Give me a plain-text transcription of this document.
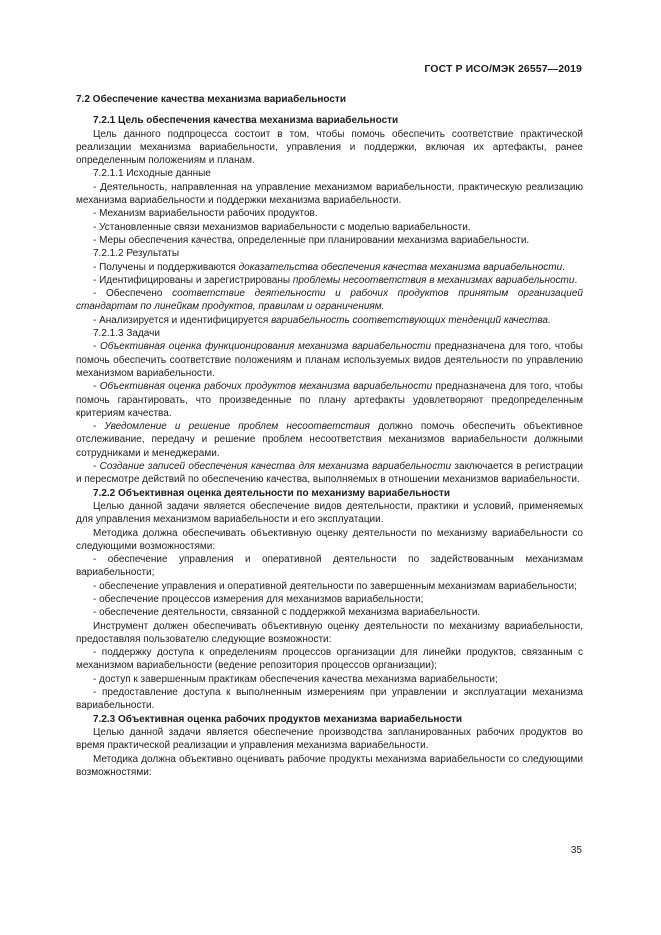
ГОСТ Р ИСО/МЭК 26557—2019

7.2 Обеспечение качества механизма вариабельности

7.2.1 Цель обеспечения качества механизма вариабельности

Цель данного подпроцесса состоит в том, чтобы помочь обеспечить соответствие практической реализации механизма вариабельности, управления и поддержки, включая их артефакты, ранее определенным положениям и планам.

7.2.1.1 Исходные данные

- Деятельность, направленная на управление механизмом вариабельности, практическую реализацию механизма вариабельности и поддержки механизма вариабельности.

- Механизм вариабельности рабочих продуктов.

- Установленные связи механизмов вариабельности с моделью вариабельности.

- Меры обеспечения качества, определенные при планировании механизма вариабельности.

7.2.1.2 Результаты

- Получены и поддерживаются доказательства обеспечения качества механизма вариабельности.

- Идентифицированы и зарегистрированы проблемы несоответствия в механизмах вариабельности.

- Обеспечено соответствие деятельности и рабочих продуктов принятым организацией стандартам по линейкам продуктов, правилам и ограничениям.

- Анализируется и идентифицируется вариабельность соответствующих тенденций качества.

7.2.1.3 Задачи

- Объективная оценка функционирования механизма вариабельности предназначена для того, чтобы помочь обеспечить соответствие положениям и планам используемых видов деятельности по управлению механизмом вариабельности.

- Объективная оценка рабочих продуктов механизма вариабельности предназначена для того, чтобы помочь гарантировать, что произведенные по плану артефакты удовлетворяют предопределенным критериям качества.

- Уведомление и решение проблем несоответствия должно помочь обеспечить объективное отслеживание, передачу и решение проблем несоответствия механизмов вариабельности должными сотрудниками и менеджерами.

- Создание записей обеспечения качества для механизма вариабельности заключается в регистрации и пересмотре действий по обеспечению качества, выполняемых в отношении механизмов вариабельности.

7.2.2 Объективная оценка деятельности по механизму вариабельности

Целью данной задачи является обеспечение видов деятельности, практики и условий, применяемых для управления механизмом вариабельности и его эксплуатации.

Методика должна обеспечивать объективную оценку деятельности по механизму вариабельности со следующими возможностями:

- обеспечение управления и оперативной деятельности по задействованным механизмам вариабельности;

- обеспечение управления и оперативной деятельности по завершенным механизмам вариабельности;

- обеспечение процессов измерения для механизмов вариабельности;

- обеспечение деятельности, связанной с поддержкой механизма вариабельности.

Инструмент должен обеспечивать объективную оценку деятельности по механизму вариабельности, предоставляя пользователю следующие возможности:

- поддержку доступа к определениям процессов организации для линейки продуктов, связанным с механизмом вариабельности (ведение репозитория процессов организации);

- доступ к завершенным практикам обеспечения качества механизма вариабельности;

- предоставление доступа к выполненным измерениям при управлении и эксплуатации механизма вариабельности.

7.2.3 Объективная оценка рабочих продуктов механизма вариабельности

Целью данной задачи является обеспечение производства запланированных рабочих продуктов во время практической реализации и управления механизма вариабельности.

Методика должна объективно оценивать рабочие продукты механизма вариабельности со следующими возможностями:

35
